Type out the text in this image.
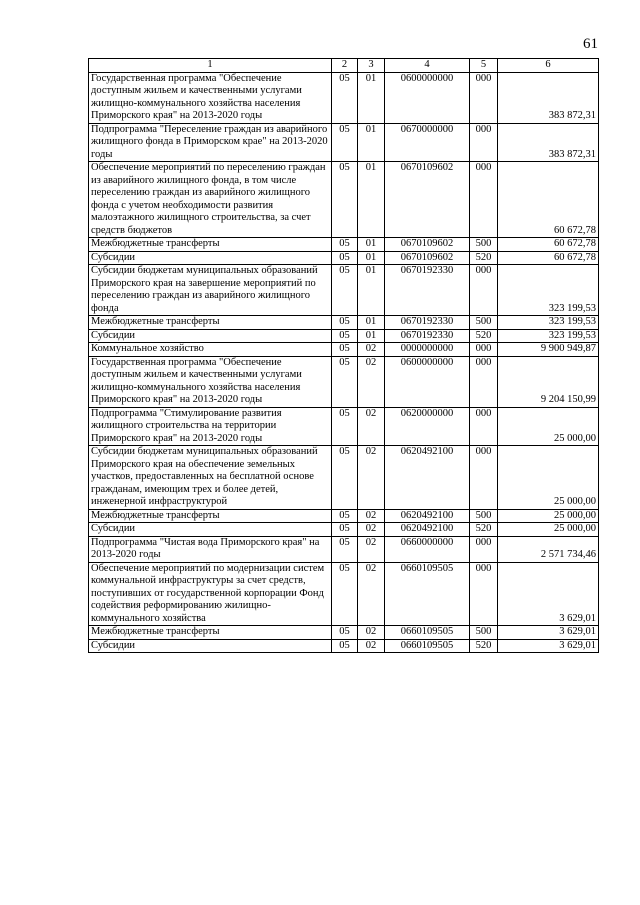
61
1	2	3	4	5	6
Государственная программа "Обеспечение доступным жильем и качественными услугами жилищно-коммунального хозяйства населения Приморского края" на 2013-2020 годы	05	01	0600000000	000	383 872,31
Подпрограмма "Переселение граждан из аварийного жилищного фонда в Приморском крае" на 2013-2020 годы	05	01	0670000000	000	383 872,31
Обеспечение мероприятий по переселению граждан из аварийного жилищного фонда, в том числе переселению граждан из аварийного жилищного фонда с учетом необходимости развития малоэтажного жилищного строительства, за счет средств бюджетов	05	01	0670109602	000	60 672,78
Межбюджетные трансферты	05	01	0670109602	500	60 672,78
Субсидии	05	01	0670109602	520	60 672,78
Субсидии бюджетам муниципальных образований Приморского края на завершение мероприятий по переселению граждан из аварийного жилищного фонда	05	01	0670192330	000	323 199,53
Межбюджетные трансферты	05	01	0670192330	500	323 199,53
Субсидии	05	01	0670192330	520	323 199,53
Коммунальное хозяйство	05	02	0000000000	000	9 900 949,87
Государственная программа "Обеспечение доступным жильем и качественными услугами жилищно-коммунального хозяйства населения Приморского края" на 2013-2020 годы	05	02	0600000000	000	9 204 150,99
Подпрограмма "Стимулирование развития жилищного строительства на территории Приморского края" на 2013-2020 годы	05	02	0620000000	000	25 000,00
Субсидии бюджетам муниципальных образований Приморского края на обеспечение земельных участков, предоставленных на бесплатной основе гражданам, имеющим трех и более детей, инженерной инфраструктурой	05	02	0620492100	000	25 000,00
Межбюджетные трансферты	05	02	0620492100	500	25 000,00
Субсидии	05	02	0620492100	520	25 000,00
Подпрограмма "Чистая вода Приморского края" на 2013-2020 годы	05	02	0660000000	000	2 571 734,46
Обеспечение мероприятий по модернизации систем коммунальной инфраструктуры за счет средств, поступивших от государственной корпорации Фонд содействия реформированию жилищно-коммунального хозяйства	05	02	0660109505	000	3 629,01
Межбюджетные трансферты	05	02	0660109505	500	3 629,01
Субсидии	05	02	0660109505	520	3 629,01
